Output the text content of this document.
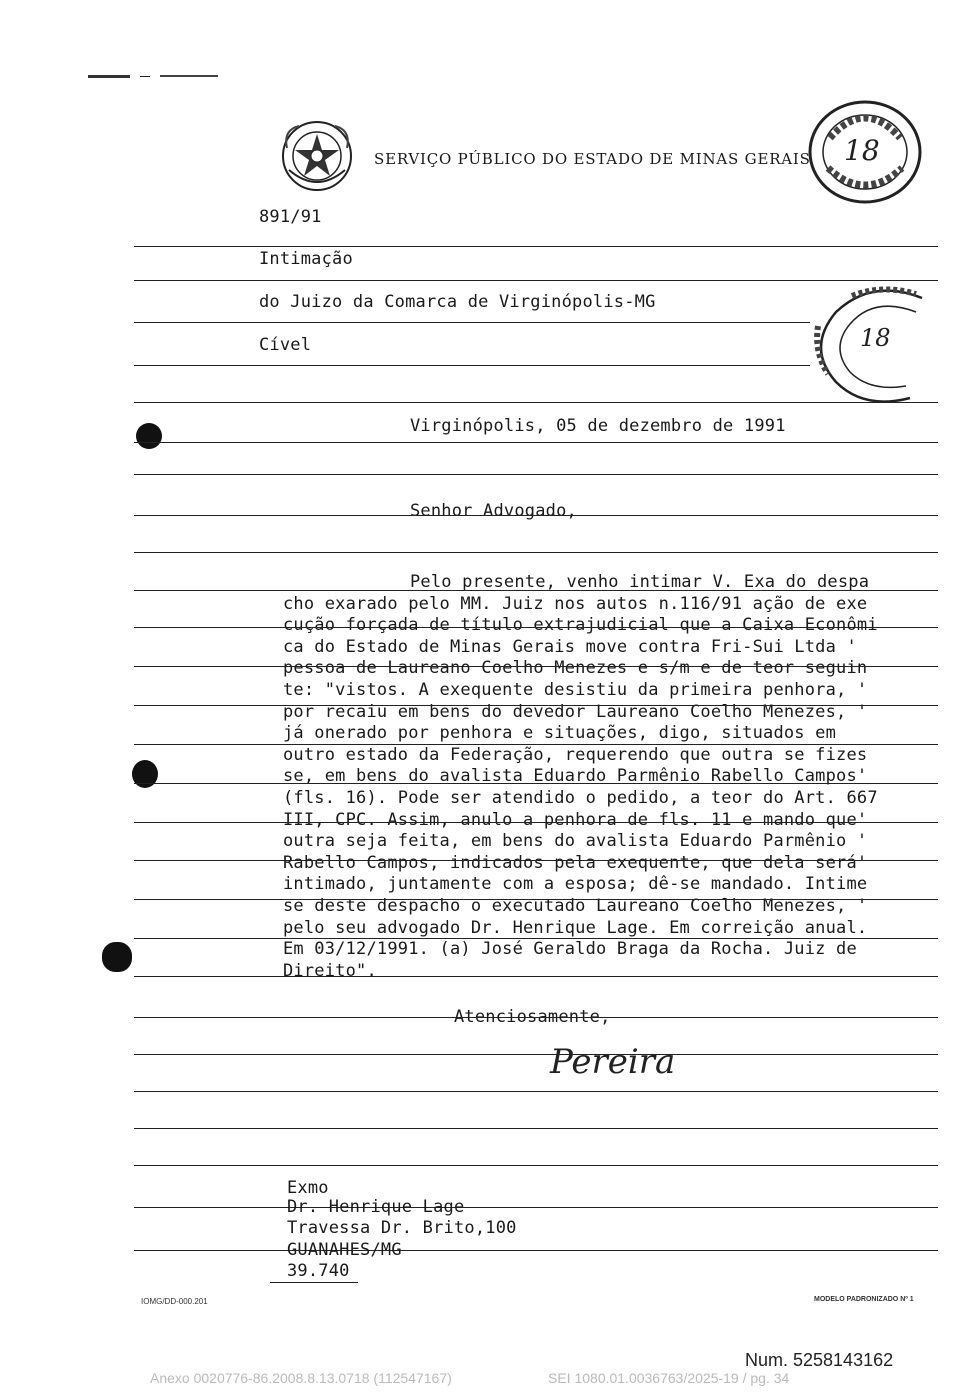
SERVIÇO PÚBLICO DO ESTADO DE MINAS GERAIS 18
891/91
Intimação
do Juizo da Comarca de Virginópolis-MG
Cível	18
Virginópolis, 05 de dezembro de 1991
Senhor Advogado,
Pelo presente, venho intimar V. Exa do despa
cho exarado pelo MM. Juiz nos autos n.116/91 ação de exe
cução forçada de título extrajudicial que a Caixa Econômi
ca do Estado de Minas Gerais move contra Fri-Sui Ltda '
pessoa de Laureano Coelho Menezes e s/m e de teor seguin
te: "vistos. A exequente desistiu da primeira penhora, '
por recaiu em bens do devedor Laureano Coelho Menezes, '
já onerado por penhora e situações, digo, situados em
outro estado da Federação, requerendo que outra se fizes
se, em bens do avalista Eduardo Parmênio Rabello Campos'
(fls. 16). Pode ser atendido o pedido, a teor do Art. 667
III, CPC. Assim, anulo a penhora de fls. 11 e mando que'
outra seja feita, em bens do avalista Eduardo Parmênio '
Rabello Campos, indicados pela exequente, que dela será'
intimado, juntamente com a esposa; dê-se mandado. Intime
se deste despacho o executado Laureano Coelho Menezes, '
pelo seu advogado Dr. Henrique Lage. Em correição anual.
Em 03/12/1991. (a) José Geraldo Braga da Rocha. Juiz de
Direito".
Atenciosamente,
Pereira
Exmo
Dr. Henrique Lage
Travessa Dr. Brito,100
GUANAHES/MG
39.740
IOMG/DD-000.201	MODELO PADRONIZADO Nº 1
Num. 5258143162
Anexo 0020776-86.2008.8.13.0718 (112547167)	SEI 1080.01.0036763/2025-19 / pg. 34
